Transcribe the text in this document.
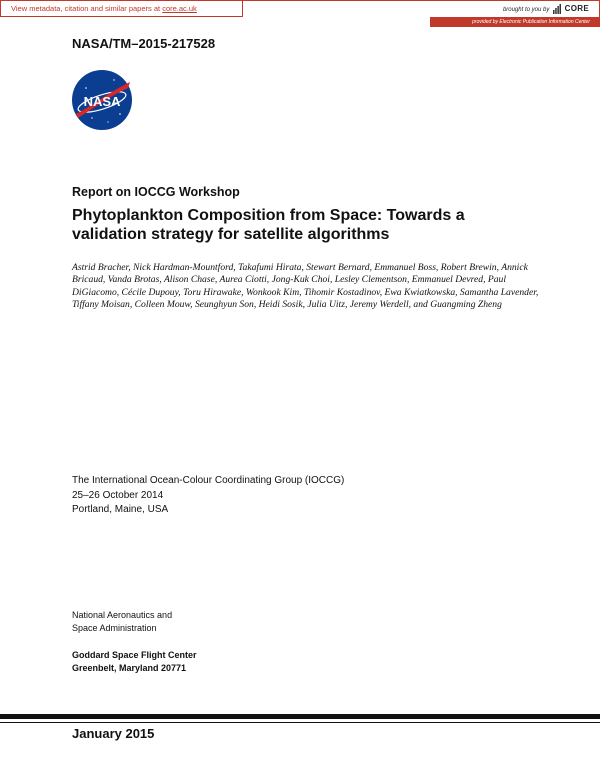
View metadata, citation and similar papers at core.ac.uk	brought to you by CORE
provided by Electronic Publication Information Center
NASA/TM–2015-217528
NASA
Report on IOCCG Workshop
Phytoplankton Composition from Space: Towards a validation strategy for satellite algorithms

Astrid Bracher, Nick Hardman-Mountford, Takafumi Hirata, Stewart Bernard, Emmanuel Boss, Robert Brewin, Annick Bricaud, Vanda Brotas, Alison Chase, Aurea Ciotti, Jong-Kuk Choi, Lesley Clementson, Emmanuel Devred, Paul DiGiacomo, Cécile Dupouy, Toru Hirawake, Wonkook Kim, Tihomir Kostadinov, Ewa Kwiatkowska, Samantha Lavender, Tiffany Moisan, Colleen Mouw, Seunghyun Son, Heidi Sosik, Julia Uitz, Jeremy Werdell, and Guangming Zheng

The International Ocean-Colour Coordinating Group (IOCCG)
25–26 October 2014
Portland, Maine, USA
National Aeronautics and
Space Administration
Goddard Space Flight Center
Greenbelt, Maryland 20771
January 2015
